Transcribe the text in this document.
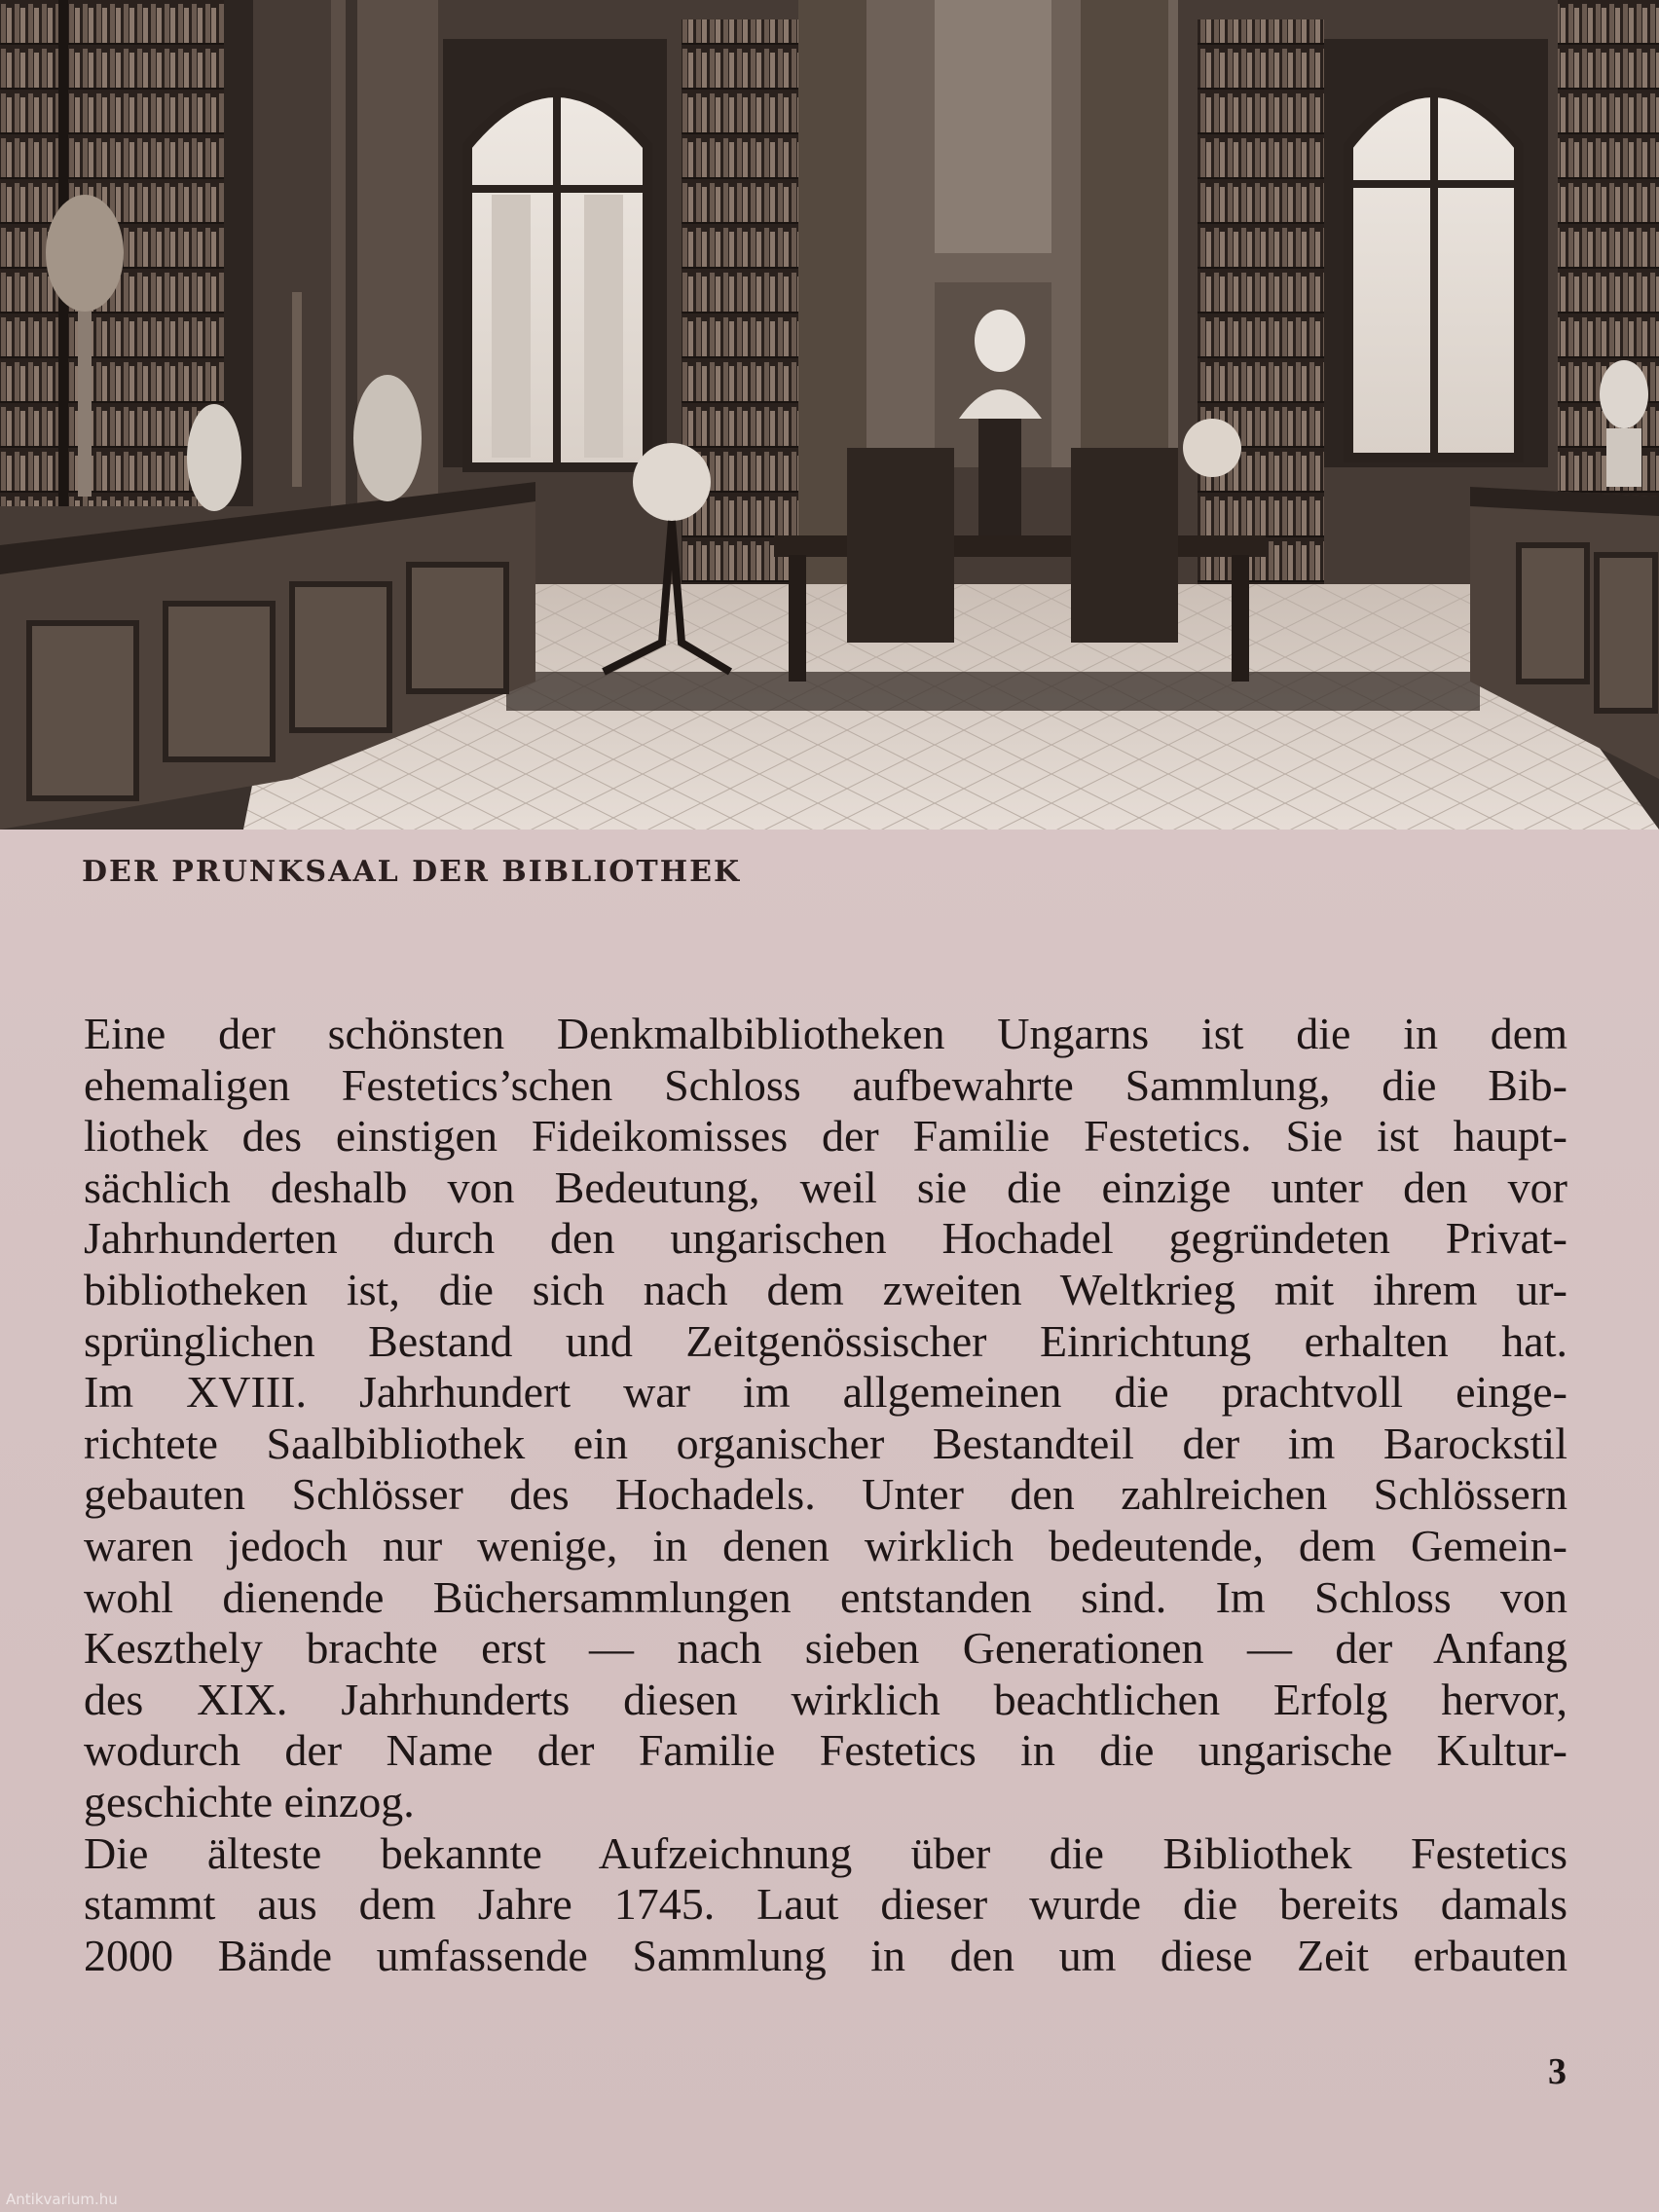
DER PRUNKSAAL DER BIBLIOTHEK
Eine der schönsten Denkmalbibliotheken Ungarns ist die in dem
ehemaligen Festetics’schen Schloss aufbewahrte Sammlung, die Bib-
liothek des einstigen Fideikomisses der Familie Festetics. Sie ist haupt-
sächlich deshalb von Bedeutung, weil sie die einzige unter den vor
Jahrhunderten durch den ungarischen Hochadel gegründeten Privat-
bibliotheken ist, die sich nach dem zweiten Weltkrieg mit ihrem ur-
sprünglichen Bestand und Zeitgenössischer Einrichtung erhalten hat.
Im XVIII. Jahrhundert war im allgemeinen die prachtvoll einge-
richtete Saalbibliothek ein organischer Bestandteil der im Barockstil
gebauten Schlösser des Hochadels. Unter den zahlreichen Schlössern
waren jedoch nur wenige, in denen wirklich bedeutende, dem Gemein-
wohl dienende Büchersammlungen entstanden sind. Im Schloss von
Keszthely brachte erst — nach sieben Generationen — der Anfang
des XIX. Jahrhunderts diesen wirklich beachtlichen Erfolg hervor,
wodurch der Name der Familie Festetics in die ungarische Kultur-
geschichte einzog.
Die älteste bekannte Aufzeichnung über die Bibliothek Festetics
stammt aus dem Jahre 1745. Laut dieser wurde die bereits damals
2000 Bände umfassende Sammlung in den um diese Zeit erbauten
3
Antikvarium.hu
